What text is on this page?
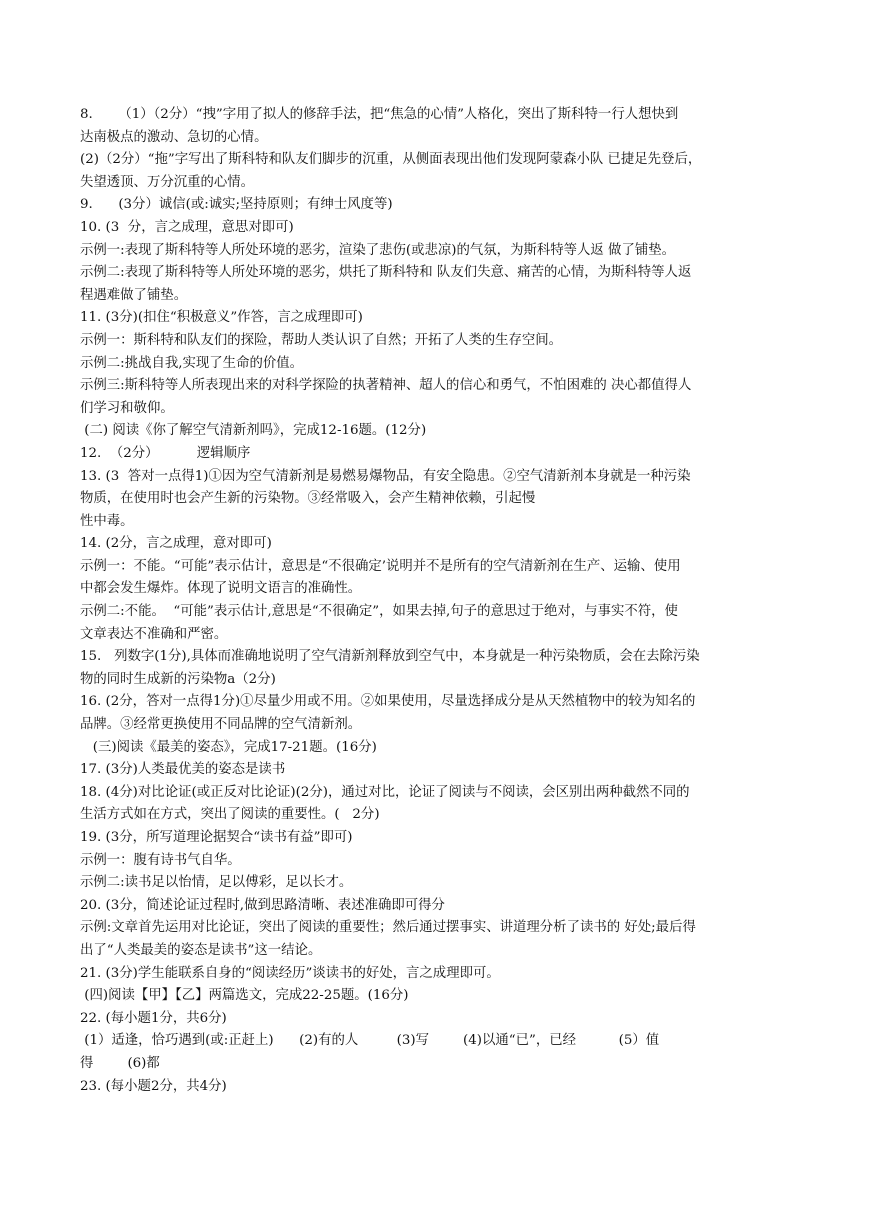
8.      （1）（2分）“拽”字用了拟人的修辞手法，把“焦急的心情”人格化，突出了斯科特一行人想快到
达南极点的激动、急切的心情。
(2)（2分）“拖”字写出了斯科特和队友们脚步的沉重，从侧面表现出他们发现阿蒙森小队 已捷足先登后，
失望透顶、万分沉重的心情。
9.      (3分）诚信(或:诚实;坚持原则；有绅士风度等)
10. (3  分，言之成理，意思对即可)
示例一:表现了斯科特等人所处环境的恶劣，渲染了悲伤(或悲凉)的气氛，为斯科特等人返 做了铺垫。
示例二:表现了斯科特等人所处环境的恶劣，烘托了斯科特和 队友们失意、痛苦的心情，为斯科特等人返
程遇难做了铺垫。
11. (3分)(扣住“积极意义”作答，言之成理即可)
示例一：斯科特和队友们的探险，帮助人类认识了自然；开拓了人类的生存空间。
示例二:挑战自我,实现了生命的价值。
示例三:斯科特等人所表现出来的对科学探险的执著精神、超人的信心和勇气，不怕困难的 决心都值得人
们学习和敬仰。
(二) 阅读《你了解空气清新剂吗》，完成12-16题。(12分)
12.  （2分）         逻辑顺序
13. (3  答对一点得1)①因为空气清新剂是易燃易爆物品，有安全隐患。②空气清新剂本身就是一种污染
物质，在使用时也会产生新的污染物。③经常吸入，会产生精神依赖，引起慢
性中毒。
14. (2分，言之成理，意对即可)
示例一：不能。“可能”表示估计，意思是“不很确定’说明并不是所有的空气清新剂在生产、运输、使用
中都会发生爆炸。体现了说明文语言的准确性。
示例二:不能。  “可能”表示估计,意思是“不很确定”，如果去掉,句子的意思过于绝对，与事实不符，使
文章表达不准确和严密。
15.   列数字(1分),具体而准确地说明了空气清新剂释放到空气中，本身就是一种污染物质，会在去除污染
物的同时生成新的污染物a（2分)
16. (2分，答对一点得1分)①尽量少用或不用。②如果使用，尽量选择成分是从天然植物中的较为知名的
品牌。③经常更换使用不同品牌的空气清新剂。
(三)阅读《最美的姿态》，完成17-21题。(16分)
17. (3分)人类最优美的姿态是读书
18. (4分)对比论证(或正反对比论证)(2分)，通过对比，论证了阅读与不阅读，会区别出两种截然不同的
生活方式如在方式，突出了阅读的重要性。(   2分)
19. (3分，所写道理论据契合“读书有益”即可)
示例一：腹有诗书气自华。
示例二:读书足以怡情，足以傅彩，足以长才。
20. (3分，简述论证过程时,做到思路清晰、表述准确即可得分
示例:文章首先运用对比论证，突出了阅读的重要性；然后通过摆事实、讲道理分析了读书的 好处;最后得
出了“人类最美的姿态是读书”这一结论。
21. (3分)学生能联系自身的“阅读经历”谈读书的好处，言之成理即可。
(四)阅读【甲】【乙】两篇选文，完成22-25题。(16分)
22. (每小题1分，共6分)
(1）适逢，恰巧遇到(或:正赶上)      (2)有的人         (3)写        (4)以通“已”，已经          (5）值
得        (6)都
23. (每小题2分，共4分)
